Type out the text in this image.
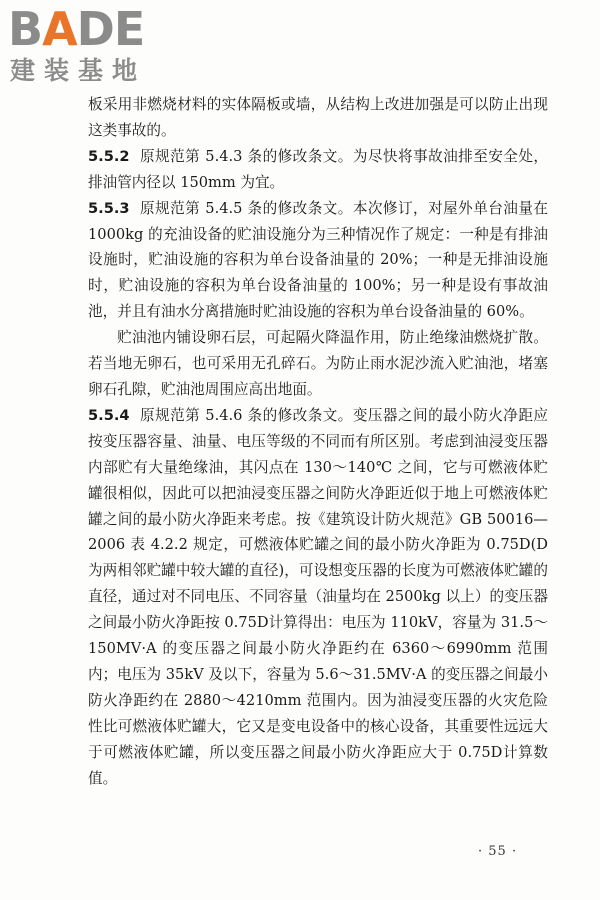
BADE
建装基地

板采用非燃烧材料的实体隔板或墙，从结构上改进加强是可以防止出现这类事故的。

5.5.2 原规范第 5.4.3 条的修改条文。为尽快将事故油排至安全处，排油管内径以 150mm 为宜。

5.5.3 原规范第 5.4.5 条的修改条文。本次修订，对屋外单台油量在 1000kg 的充油设备的贮油设施分为三种情况作了规定：一种是有排油设施时，贮油设施的容积为单台设备油量的 20%；一种是无排油设施时，贮油设施的容积为单台设备油量的 100%；另一种是设有事故油池，并且有油水分离措施时贮油设施的容积为单台设备油量的 60%。

贮油池内铺设卵石层，可起隔火降温作用，防止绝缘油燃烧扩散。若当地无卵石，也可采用无孔碎石。为防止雨水泥沙流入贮油池，堵塞卵石孔隙，贮油池周围应高出地面。

5.5.4 原规范第 5.4.6 条的修改条文。变压器之间的最小防火净距应按变压器容量、油量、电压等级的不同而有所区别。考虑到油浸变压器内部贮有大量绝缘油，其闪点在 130～140℃ 之间，它与可燃液体贮罐很相似，因此可以把油浸变压器之间防火净距近似于地上可燃液体贮罐之间的最小防火净距来考虑。按《建筑设计防火规范》GB 50016—2006 表 4.2.2 规定，可燃液体贮罐之间的最小防火净距为 0.75D(D 为两相邻贮罐中较大罐的直径)，可设想变压器的长度为可燃液体贮罐的直径，通过对不同电压、不同容量（油量均在 2500kg 以上）的变压器之间最小防火净距按 0.75D计算得出：电压为 110kV，容量为 31.5～150MV·A 的变压器之间最小防火净距约在 6360～6990mm 范围内；电压为 35kV 及以下，容量为 5.6～31.5MV·A 的变压器之间最小防火净距约在 2880～4210mm 范围内。因为油浸变压器的火灾危险性比可燃液体贮罐大，它又是变电设备中的核心设备，其重要性远远大于可燃液体贮罐，所以变压器之间最小防火净距应大于 0.75D计算数值。

· 55 ·
